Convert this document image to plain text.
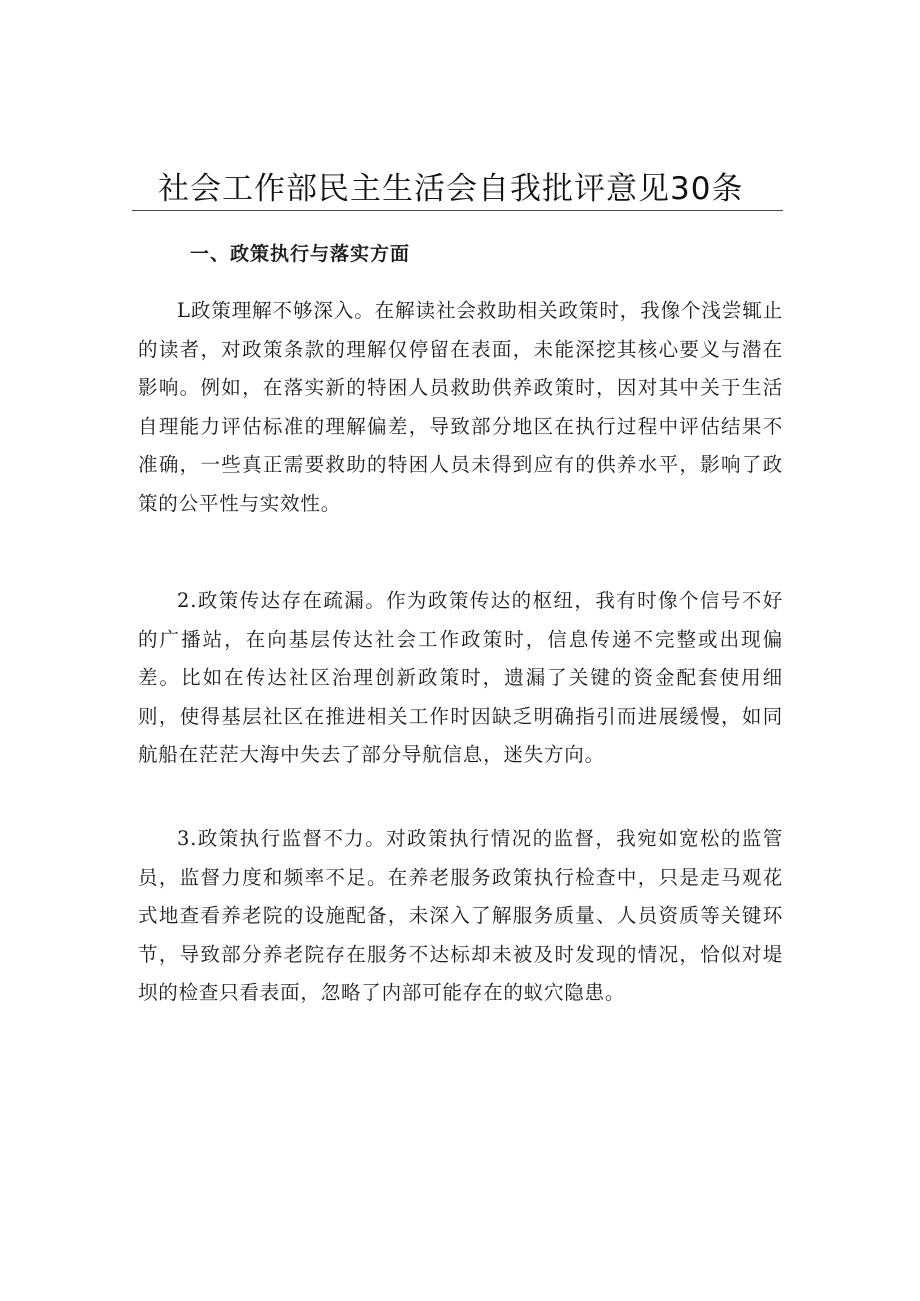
社会工作部民主生活会自我批评意见30条
一、政策执行与落实方面

L政策理解不够深入。在解读社会救助相关政策时，我像个浅尝辄止的读者，对政策条款的理解仅停留在表面，未能深挖其核心要义与潜在影响。例如，在落实新的特困人员救助供养政策时，因对其中关于生活自理能力评估标准的理解偏差，导致部分地区在执行过程中评估结果不准确，一些真正需要救助的特困人员未得到应有的供养水平，影响了政策的公平性与实效性。

2.政策传达存在疏漏。作为政策传达的枢纽，我有时像个信号不好的广播站，在向基层传达社会工作政策时，信息传递不完整或出现偏差。比如在传达社区治理创新政策时，遗漏了关键的资金配套使用细则，使得基层社区在推进相关工作时因缺乏明确指引而进展缓慢，如同航船在茫茫大海中失去了部分导航信息，迷失方向。

3.政策执行监督不力。对政策执行情况的监督，我宛如宽松的监管员，监督力度和频率不足。在养老服务政策执行检查中，只是走马观花式地查看养老院的设施配备，未深入了解服务质量、人员资质等关键环节，导致部分养老院存在服务不达标却未被及时发现的情况，恰似对堤坝的检查只看表面，忽略了内部可能存在的蚁穴隐患。
